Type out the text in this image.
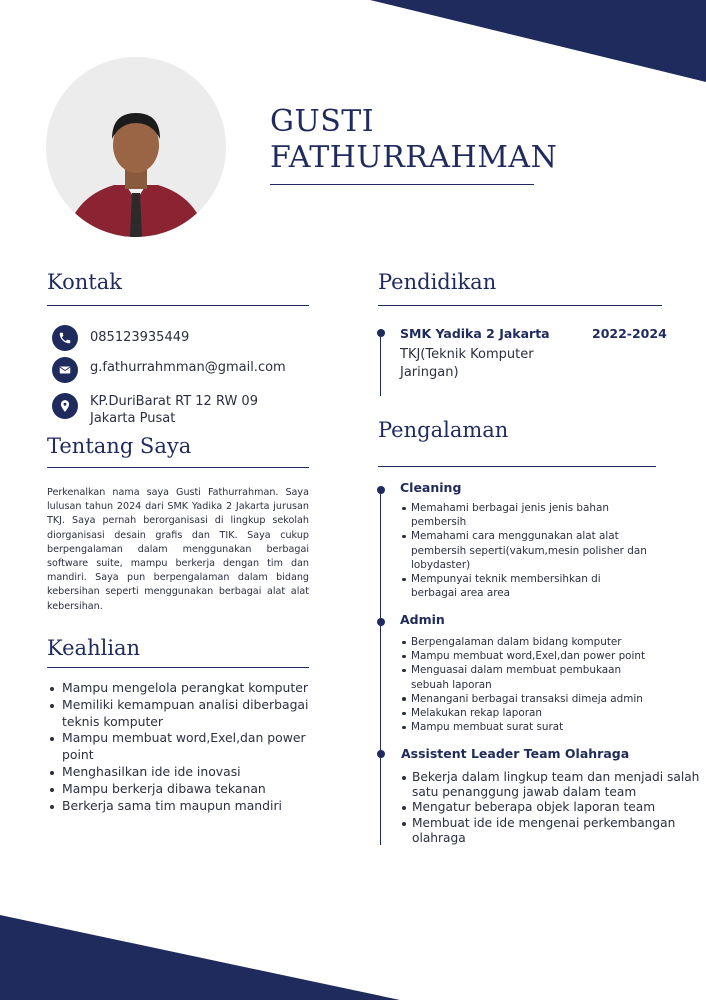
GUSTI
FATHURRAHMAN
Kontak
085123935449
g.fathurrahmman@gmail.com
KP.DuriBarat RT 12 RW 09
Jakarta Pusat
Tentang Saya
Perkenalkan nama saya Gusti Fathurrahman. Saya lulusan tahun 2024 dari SMK Yadika 2 Jakarta jurusan TKJ. Saya pernah berorganisasi di lingkup sekolah diorganisasi desain grafis dan TIK. Saya cukup berpengalaman dalam menggunakan berbagai software suite, mampu berkerja dengan tim dan mandiri. Saya pun berpengalaman dalam bidang kebersihan seperti menggunakan berbagai alat alat kebersihan.
Keahlian
Mampu mengelola perangkat komputer
Memiliki kemampuan analisi diberbagai teknis komputer
Mampu membuat word,Exel,dan power point
Menghasilkan ide ide inovasi
Mampu berkerja dibawa tekanan
Berkerja sama tim maupun mandiri
Pendidikan
SMK Yadika 2 Jakarta	2022-2024
TKJ(Teknik Komputer Jaringan)
Pengalaman
Cleaning
Memahami berbagai jenis jenis bahan pembersih
Memahami cara menggunakan alat alat pembersih seperti(vakum,mesin polisher dan lobydaster)
Mempunyai teknik membersihkan di berbagai area area
Admin
Berpengalaman dalam bidang komputer
Mampu membuat word,Exel,dan power point
Menguasai dalam membuat pembukaan sebuah laporan
Menangani berbagai transaksi dimeja admin
Melakukan rekap laporan
Mampu membuat surat surat
Assistent Leader Team Olahraga
Bekerja dalam lingkup team dan menjadi salah satu penanggung jawab dalam team
Mengatur beberapa objek laporan team
Membuat ide ide mengenai perkembangan olahraga
